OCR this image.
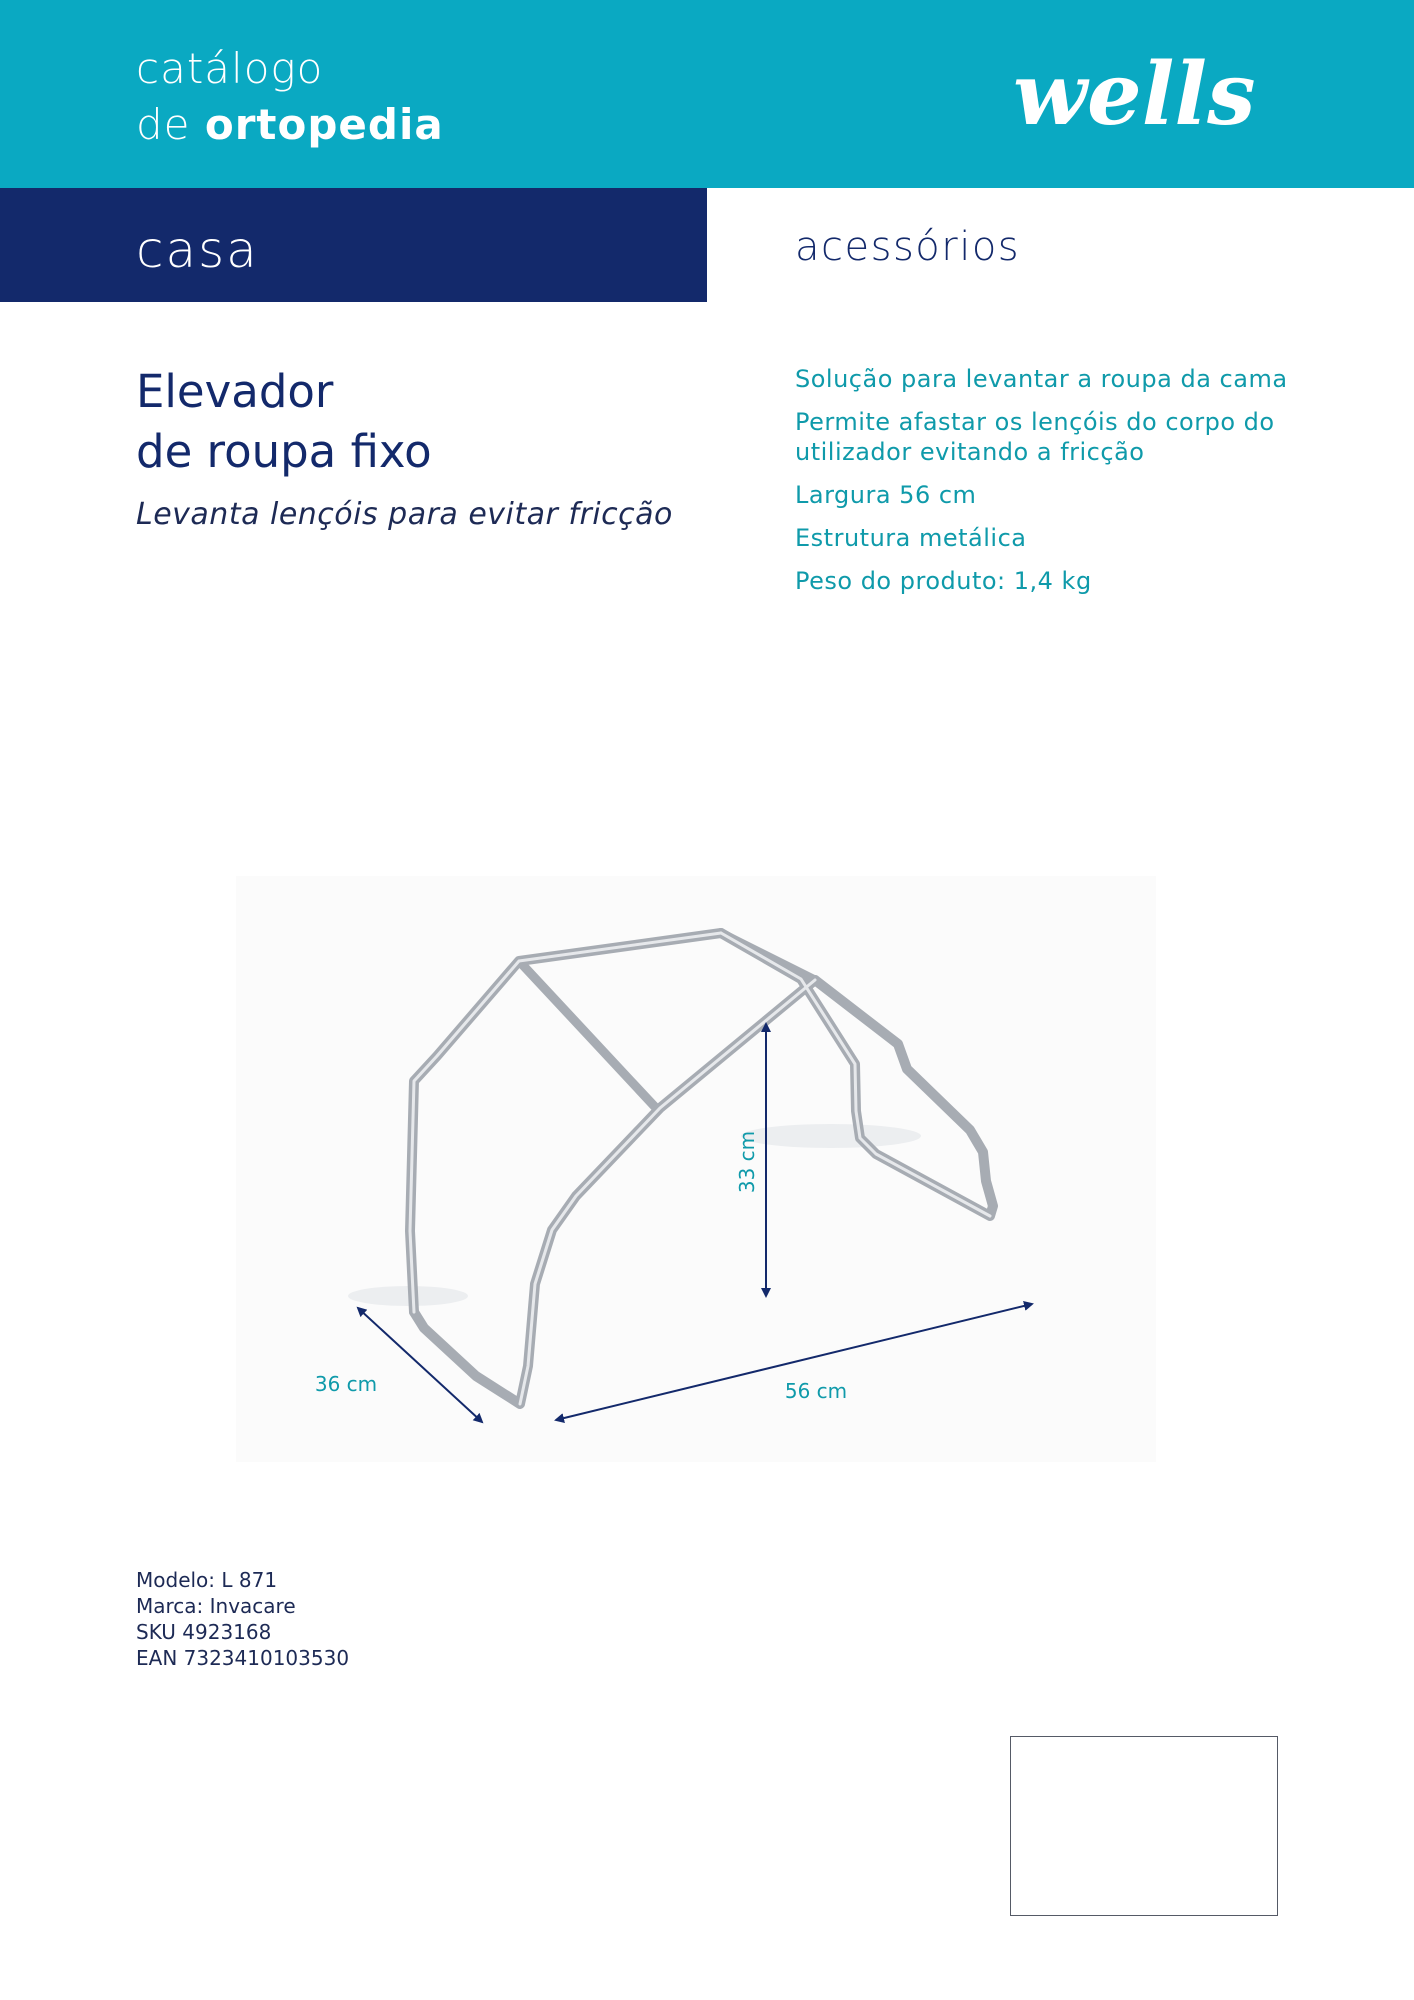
catálogo
de ortopedia	wells
casa	acessórios
Elevador
de roupa fixo
Levanta lençóis para evitar fricção
Solução para levantar a roupa da cama
Permite afastar os lençóis do corpo do utilizador evitando a fricção
Largura 56 cm
Estrutura metálica
Peso do produto: 1,4 kg
33 cm
36 cm	56 cm
Modelo: L 871
Marca: Invacare
SKU 4923168
EAN 7323410103530
